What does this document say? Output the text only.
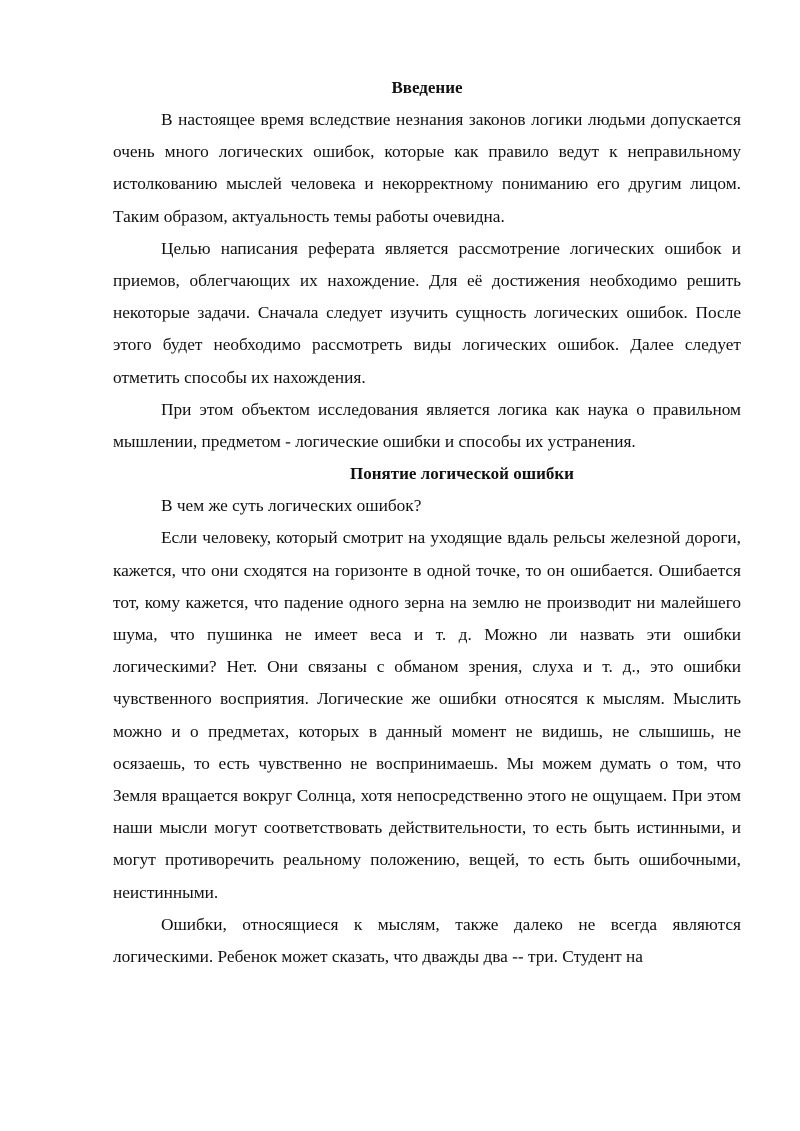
Введение

В настоящее время вследствие незнания законов логики людьми допускается очень много логических ошибок, которые как правило ведут к неправильному истолкованию мыслей человека и некорректному пониманию его другим лицом. Таким образом, актуальность темы работы очевидна.

Целью написания реферата является рассмотрение логических ошибок и приемов, облегчающих их нахождение. Для её достижения необходимо решить некоторые задачи. Сначала следует изучить сущность логических ошибок. После этого будет необходимо рассмотреть виды логических ошибок. Далее следует отметить способы их нахождения.

При этом объектом исследования является логика как наука о правильном мышлении, предметом - логические ошибки и способы их устранения.

Понятие логической ошибки

В чем же суть логических ошибок?

Если человеку, который смотрит на уходящие вдаль рельсы железной дороги, кажется, что они сходятся на горизонте в одной точке, то он ошибается. Ошибается тот, кому кажется, что падение одного зерна на землю не производит ни малейшего шума, что пушинка не имеет веса и т. д. Можно ли назвать эти ошибки логическими? Нет. Они связаны с обманом зрения, слуха и т. д., это ошибки чувственного восприятия. Логические же ошибки относятся к мыслям. Мыслить можно и о предметах, которых в данный момент не видишь, не слышишь, не осязаешь, то есть чувственно не воспринимаешь. Мы можем думать о том, что Земля вращается вокруг Солнца, хотя непосредственно этого не ощущаем. При этом наши мысли могут соответствовать действительности, то есть быть истинными, и могут противоречить реальному положению, вещей, то есть быть ошибочными, неистинными.

Ошибки, относящиеся к мыслям, также далеко не всегда являются логическими. Ребенок может сказать, что дважды два -- три. Студент на
